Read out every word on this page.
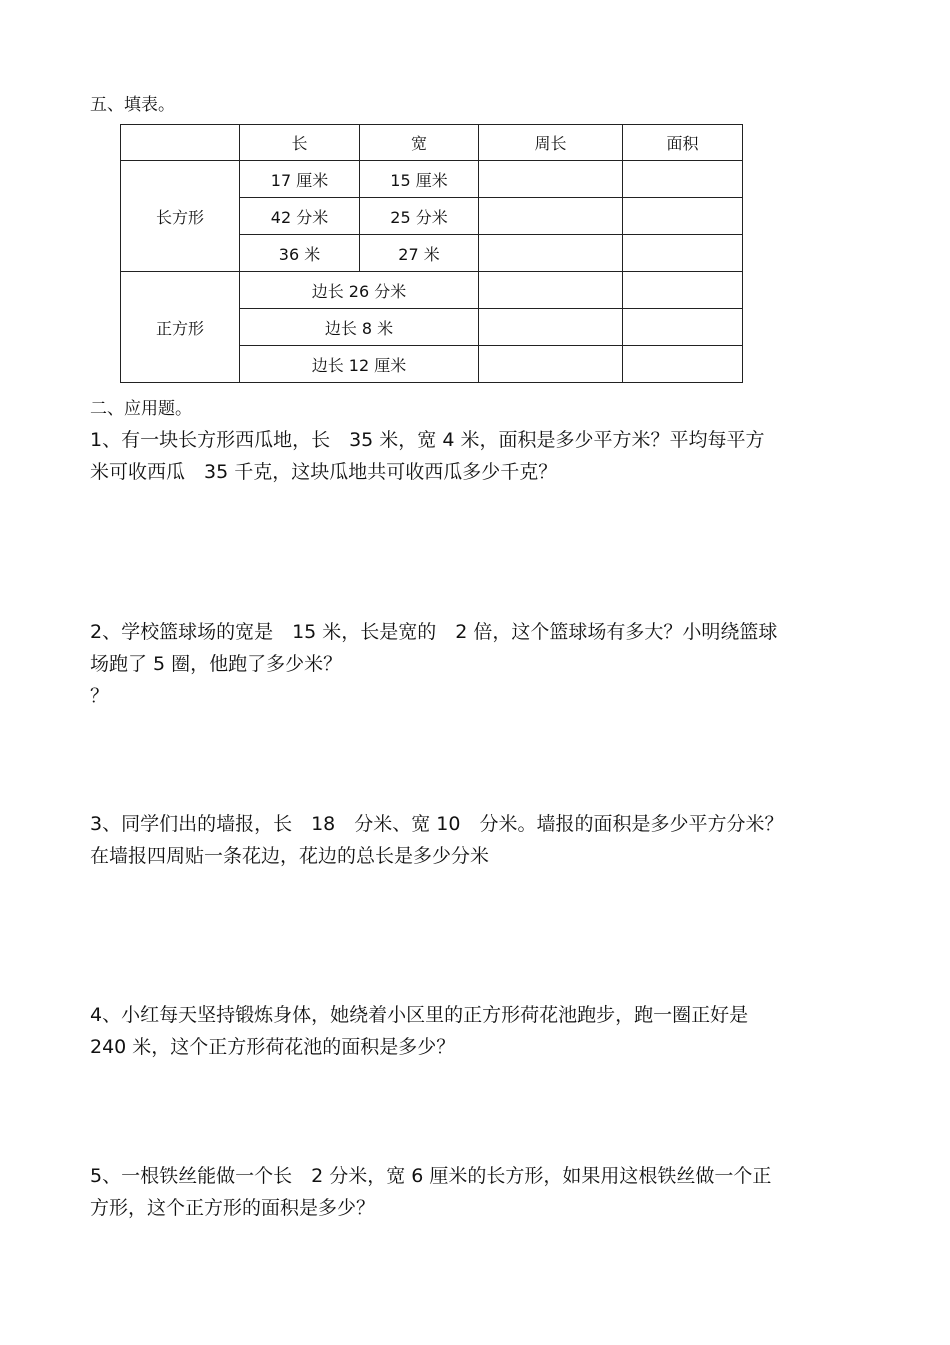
五、填表。
	长	宽	周长	面积
长方形	17 厘米	15 厘米		
	42 分米	25 分米		
	36 米	27 米		
正方形	边长 26 分米			
	边长 8 米			
	边长 12 厘米			
二、应用题。
1、有一块长方形西瓜地，长　35 米，宽 4 米，面积是多少平方米？平均每平方
米可收西瓜　35 千克，这块瓜地共可收西瓜多少千克？
2、学校篮球场的宽是　15 米，长是宽的　2 倍，这个篮球场有多大？小明绕篮球
场跑了 5 圈，他跑了多少米？
？
3、同学们出的墙报，长　18　分米、宽 10　分米。墙报的面积是多少平方分米？
在墙报四周贴一条花边，花边的总长是多少分米
4、小红每天坚持锻炼身体，她绕着小区里的正方形荷花池跑步，跑一圈正好是
240 米，这个正方形荷花池的面积是多少？
5、一根铁丝能做一个长　2 分米，宽 6 厘米的长方形，如果用这根铁丝做一个正
方形，这个正方形的面积是多少？
